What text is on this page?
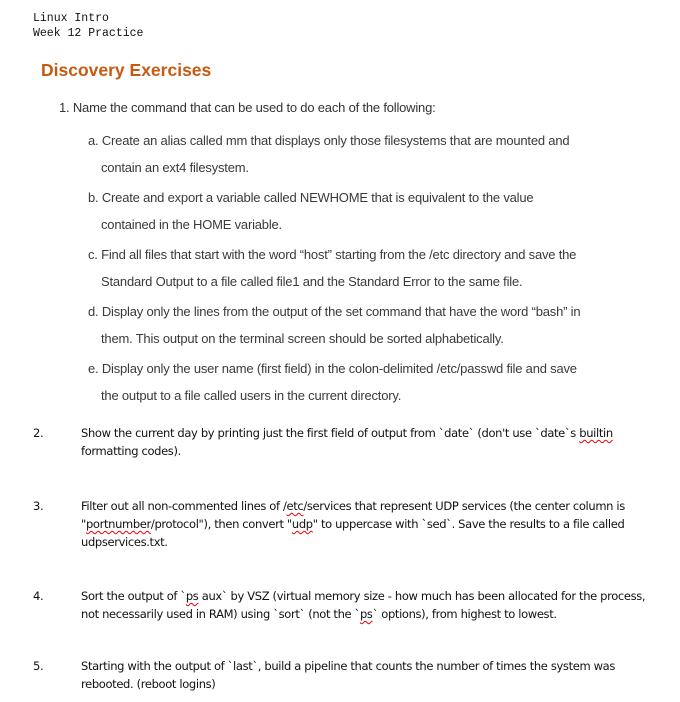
Linux Intro
Week 12 Practice
Discovery Exercises
1. Name the command that can be used to do each of the following:
a. Create an alias called mm that displays only those filesystems that are mounted and
contain an ext4 filesystem.
b. Create and export a variable called NEWHOME that is equivalent to the value
contained in the HOME variable.
c. Find all files that start with the word “host” starting from the /etc directory and save the
Standard Output to a file called file1 and the Standard Error to the same file.
d. Display only the lines from the output of the set command that have the word “bash” in
them. This output on the terminal screen should be sorted alphabetically.
e. Display only the user name (first field) in the colon-delimited /etc/passwd file and save
the output to a file called users in the current directory.
2.	Show the current day by printing just the first field of output from `date` (don't use `date`s builtin formatting codes).
3.	Filter out all non-commented lines of /etc/services that represent UDP services (the center column is "portnumber/protocol"), then convert "udp" to uppercase with `sed`. Save the results to a file called udpservices.txt.
4.	Sort the output of `ps aux` by VSZ (virtual memory size - how much has been allocated for the process, not necessarily used in RAM) using `sort` (not the `ps` options), from highest to lowest.
5.	Starting with the output of `last`, build a pipeline that counts the number of times the system was rebooted. (reboot logins)
